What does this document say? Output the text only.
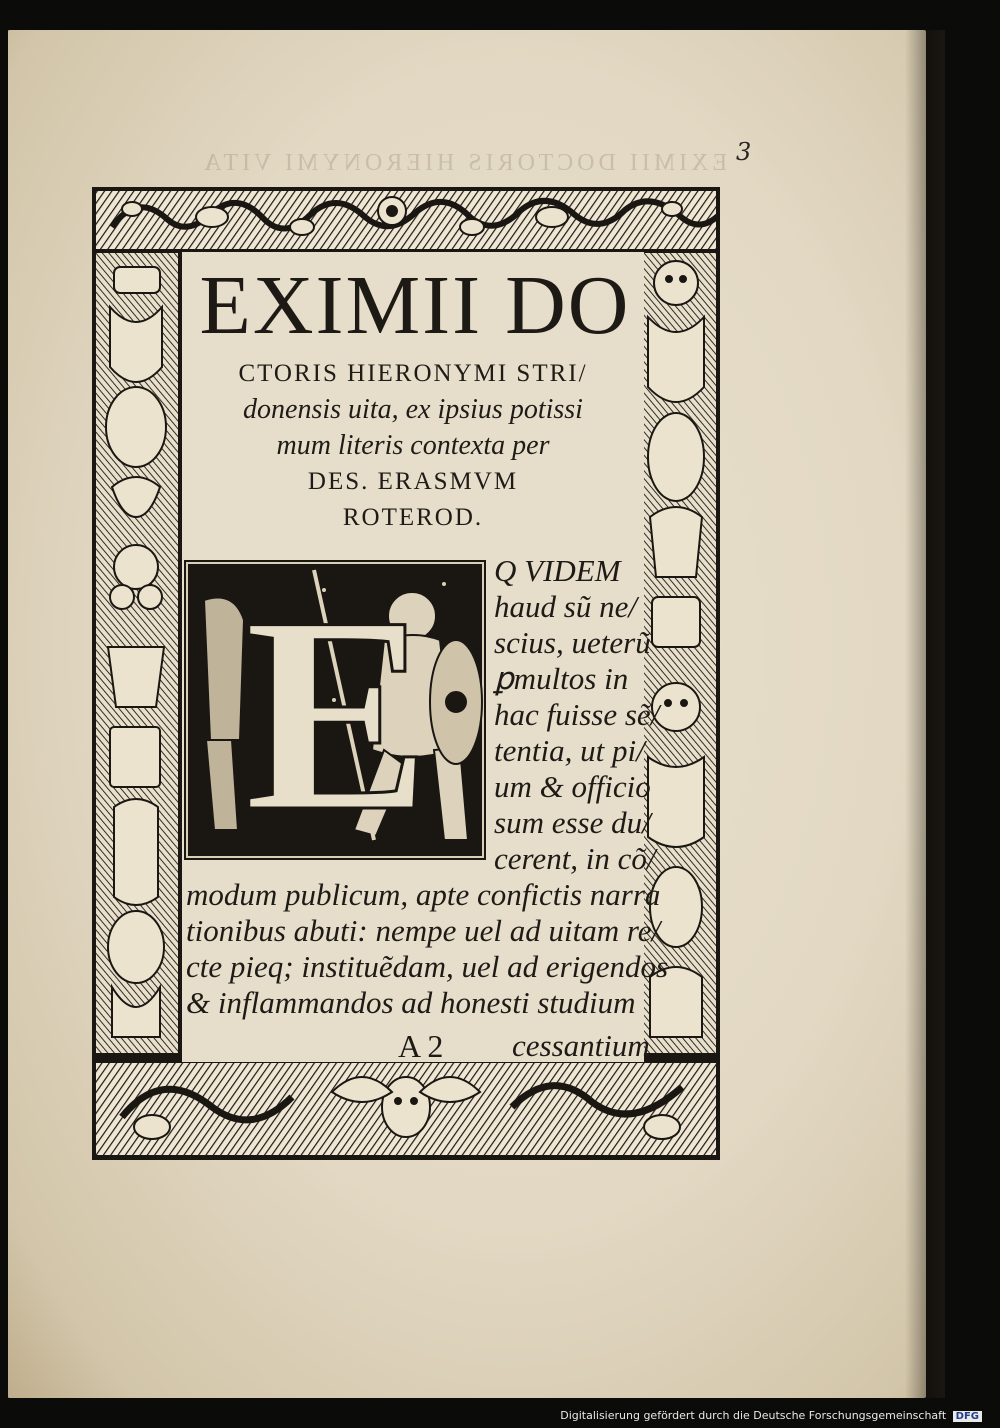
EXIMII DOCTORIS HIERONYMI VITA 3
EXIMII DO
CTORIS HIERONYMI STRI/
donensis uita, ex ipsius potissi
mum literis contexta per
DES. ERASMVM
ROTEROD.
E Q VIDEM
haud sũ ne/
scius, ueterũ
ꝑmultos in
hac fuisse sẽ/
tentia, ut pi/
um & officio
sum esse du/
cerent, in cõ/
modum publicum, apte confictis narra
tionibus abuti: nempe uel ad uitam re/
cte pieq; instituẽdam, uel ad erigendos
& inflammandos ad honesti studium
A 2 cessantium
Digitalisierung gefördert durch die Deutsche Forschungsgemeinschaft DFG
